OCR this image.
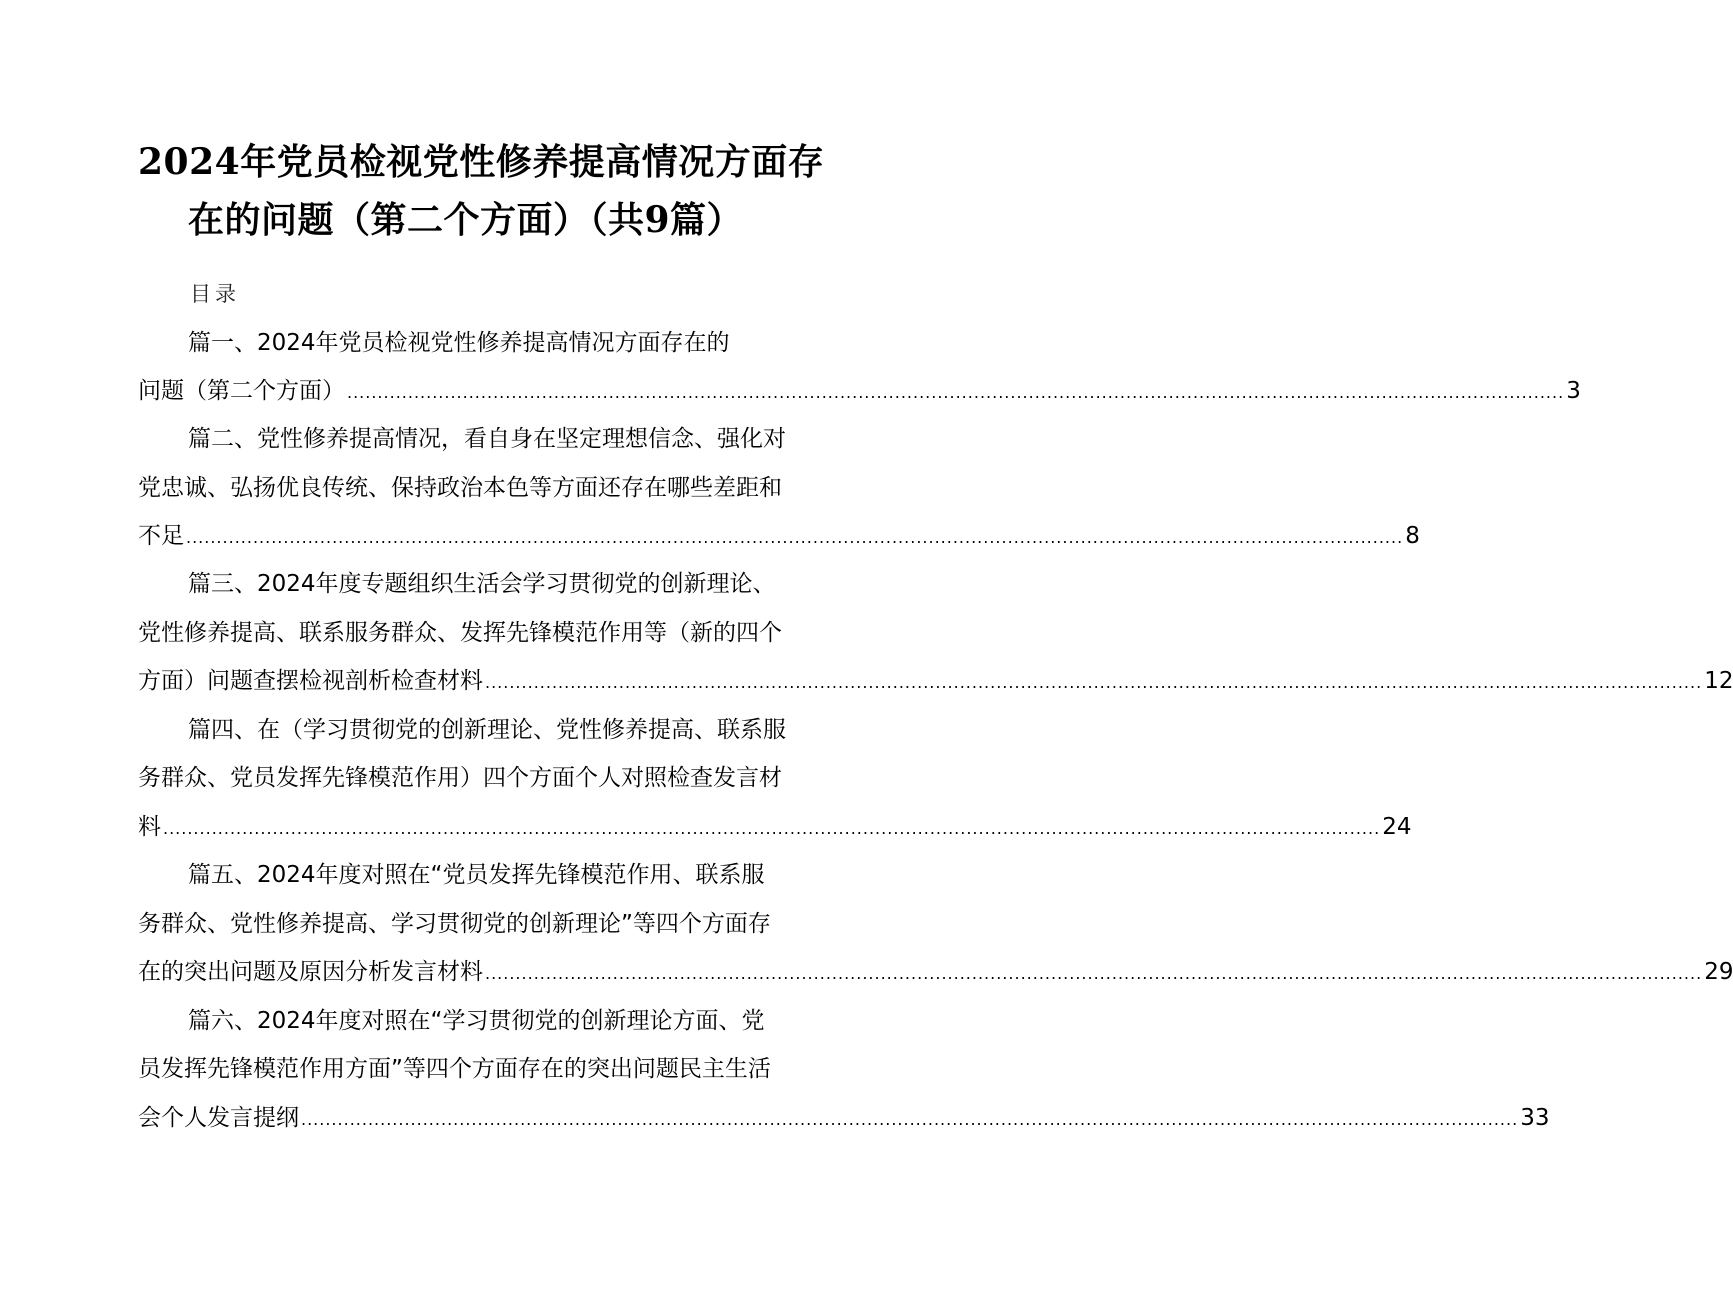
2024年党员检视党性修养提高情况方面存
在的问题（第二个方面）（共9篇）
目录
篇一、2024年党员检视党性修养提高情况方面存在的
问题（第二个方面） ........................................................................................................................................................................................................ 3
篇二、党性修养提高情况，看自身在坚定理想信念、强化对
党忠诚、弘扬优良传统、保持政治本色等方面还存在哪些差距和
不足 ........................................................................................................................................................................................................ 8
篇三、2024年度专题组织生活会学习贯彻党的创新理论、
党性修养提高、联系服务群众、发挥先锋模范作用等（新的四个
方面）问题查摆检视剖析检查材料 ........................................................................................................................................................................................................ 12
篇四、在（学习贯彻党的创新理论、党性修养提高、联系服
务群众、党员发挥先锋模范作用）四个方面个人对照检查发言材
料 ........................................................................................................................................................................................................ 24
篇五、2024年度对照在“党员发挥先锋模范作用、联系服
务群众、党性修养提高、学习贯彻党的创新理论”等四个方面存
在的突出问题及原因分析发言材料 ........................................................................................................................................................................................................ 29
篇六、2024年度对照在“学习贯彻党的创新理论方面、党
员发挥先锋模范作用方面”等四个方面存在的突出问题民主生活
会个人发言提纲 ........................................................................................................................................................................................................ 33
